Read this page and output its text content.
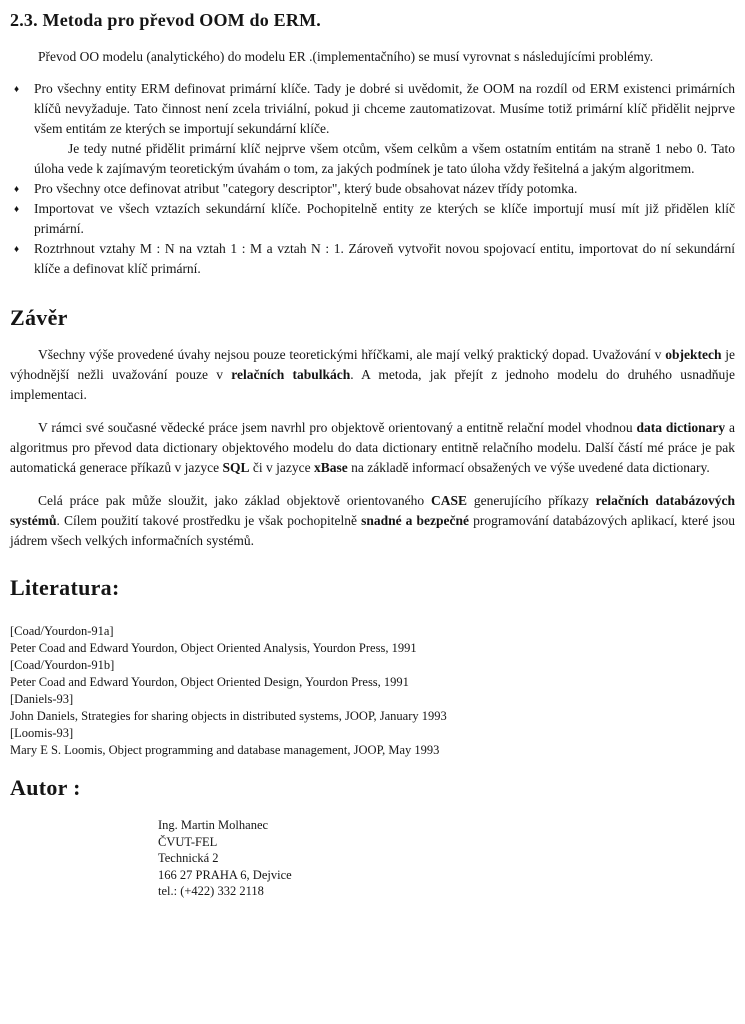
2.3. Metoda pro převod OOM do ERM.

Převod OO modelu (analytického) do modelu ER .(implementačního) se musí vyrovnat s následujícími problémy.

♦ Pro všechny entity ERM definovat primární klíče. Tady je dobré si uvědomit, že OOM na rozdíl od ERM existenci primárních klíčů nevyžaduje. Tato činnost není zcela triviální, pokud ji chceme zautomatizovat. Musíme totiž primární klíč přidělit nejprve všem entitám ze kterých se importují sekundární klíče.

Je tedy nutné přidělit primární klíč nejprve všem otcům, všem celkům a všem ostatním entitám na straně 1 nebo 0. Tato úloha vede k zajímavým teoretickým úvahám o tom, za jakých podmínek je tato úloha vždy řešitelná a jakým algoritmem.

♦ Pro všechny otce definovat atribut "category descriptor", který bude obsahovat název třídy potomka.
♦ Importovat ve všech vztazích sekundární klíče. Pochopitelně entity ze kterých se klíče importují musí mít již přidělen klíč primární.
♦ Roztrhnout vztahy M : N na vztah 1 : M a vztah N : 1. Zároveň vytvořit novou spojovací entitu, importovat do ní sekundární klíče a definovat klíč primární.
Závěr

Všechny výše provedené úvahy nejsou pouze teoretickými hříčkami, ale mají velký praktický dopad. Uvažování v objektech je výhodnější nežli uvažování pouze v relačních tabulkách. A metoda, jak přejít z jednoho modelu do druhého usnadňuje implementaci.

V rámci své současné vědecké práce jsem navrhl pro objektově orientovaný a entitně relační model vhodnou data dictionary a algoritmus pro převod data dictionary objektového modelu do data dictionary entitně relačního modelu. Další částí mé práce je pak automatická generace příkazů v jazyce SQL či v jazyce xBase na základě informací obsažených ve výše uvedené data dictionary.

Celá práce pak může sloužit, jako základ objektově orientovaného CASE generujícího příkazy relačních databázových systémů. Cílem použití takové prostředku je však pochopitelně snadné a bezpečné programování databázových aplikací, které jsou jádrem všech velkých informačních systémů.

Literatura:
[Coad/Yourdon-91a]
Peter Coad and Edward Yourdon, Object Oriented Analysis, Yourdon Press, 1991
[Coad/Yourdon-91b]
Peter Coad and Edward Yourdon, Object Oriented Design, Yourdon Press, 1991
[Daniels-93]
John Daniels, Strategies for sharing objects in distributed systems, JOOP, January 1993
[Loomis-93]
Mary E S. Loomis, Object programming and database management, JOOP, May 1993
Autor :
Ing. Martin Molhanec
ČVUT-FEL
Technická 2
166 27 PRAHA 6, Dejvice
tel.: (+422) 332 2118
